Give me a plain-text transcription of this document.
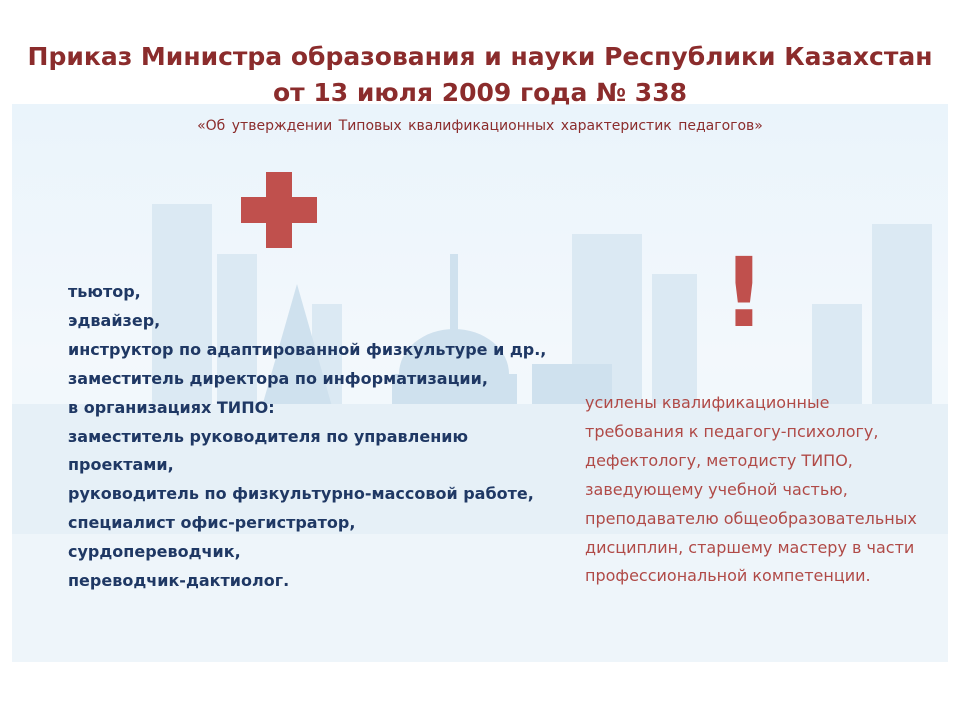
Приказ Министра образования и науки Республики Казахстан
от 13 июля 2009 года № 338
«Об утверждении Типовых квалификационных характеристик педагогов»
!
тьютор,
эдвайзер,
инструктор по адаптированной физкультуре и др.,
заместитель директора по информатизации,
в организациях ТИПО:
заместитель руководителя по управлению проектами,
руководитель по физкультурно-массовой работе,
специалист офис-регистратор,
сурдопереводчик,
переводчик-дактиолог.

усилены квалификационные требования к педагогу-психологу, дефектологу, методисту ТИПО, заведующему учебной частью, преподавателю общеобразовательных дисциплин, старшему мастеру в части профессиональной компетенции.
